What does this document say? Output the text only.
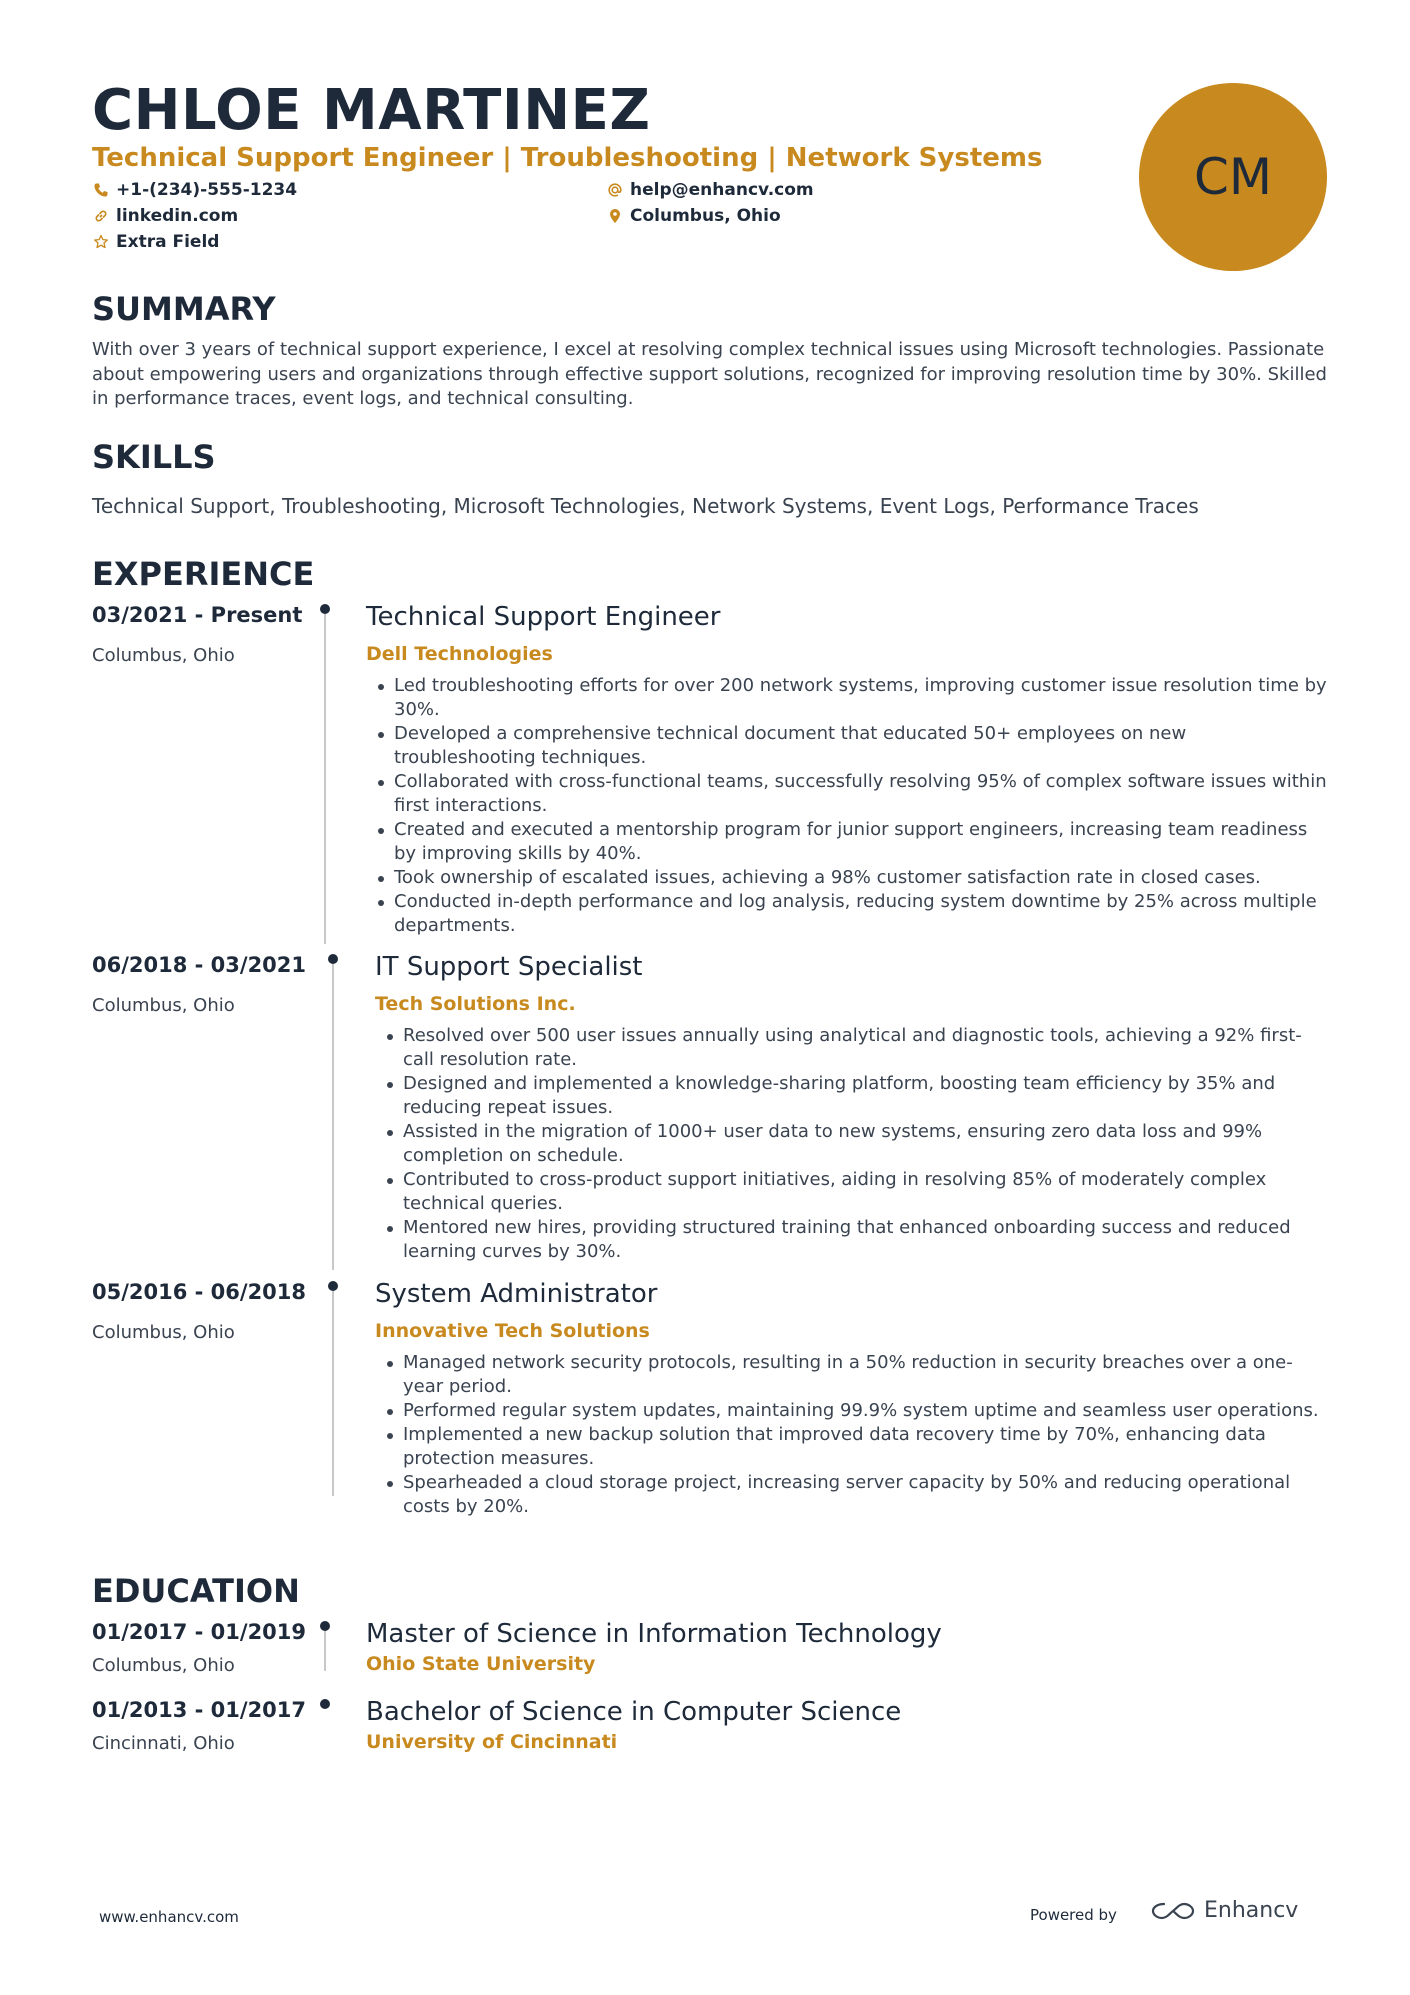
CHLOE MARTINEZ
Technical Support Engineer | Troubleshooting | Network Systems
+1-(234)-555-1234	help@enhancv.com
linkedin.com	Columbus, Ohio
Extra Field
CM
SUMMARY
With over 3 years of technical support experience, I excel at resolving complex technical issues using Microsoft technologies. Passionate about empowering users and organizations through effective support solutions, recognized for improving resolution time by 30%. Skilled in performance traces, event logs, and technical consulting.
SKILLS
Technical Support, Troubleshooting, Microsoft Technologies, Network Systems, Event Logs, Performance Traces
EXPERIENCE
03/2021 - Present
Columbus, Ohio
Technical Support Engineer
Dell Technologies
Led troubleshooting efforts for over 200 network systems, improving customer issue resolution time by 30%.
Developed a comprehensive technical document that educated 50+ employees on new troubleshooting techniques.
Collaborated with cross-functional teams, successfully resolving 95% of complex software issues within first interactions.
Created and executed a mentorship program for junior support engineers, increasing team readiness by improving skills by 40%.
Took ownership of escalated issues, achieving a 98% customer satisfaction rate in closed cases.
Conducted in-depth performance and log analysis, reducing system downtime by 25% across multiple departments.
06/2018 - 03/2021
Columbus, Ohio
IT Support Specialist
Tech Solutions Inc.
Resolved over 500 user issues annually using analytical and diagnostic tools, achieving a 92% first-call resolution rate.
Designed and implemented a knowledge-sharing platform, boosting team efficiency by 35% and reducing repeat issues.
Assisted in the migration of 1000+ user data to new systems, ensuring zero data loss and 99% completion on schedule.
Contributed to cross-product support initiatives, aiding in resolving 85% of moderately complex technical queries.
Mentored new hires, providing structured training that enhanced onboarding success and reduced learning curves by 30%.
05/2016 - 06/2018
Columbus, Ohio
System Administrator
Innovative Tech Solutions
Managed network security protocols, resulting in a 50% reduction in security breaches over a one-year period.
Performed regular system updates, maintaining 99.9% system uptime and seamless user operations.
Implemented a new backup solution that improved data recovery time by 70%, enhancing data protection measures.
Spearheaded a cloud storage project, increasing server capacity by 50% and reducing operational costs by 20%.
EDUCATION
01/2017 - 01/2019
Columbus, Ohio
Master of Science in Information Technology
Ohio State University
01/2013 - 01/2017
Cincinnati, Ohio
Bachelor of Science in Computer Science
University of Cincinnati
www.enhancv.com	Powered by	Enhancv
